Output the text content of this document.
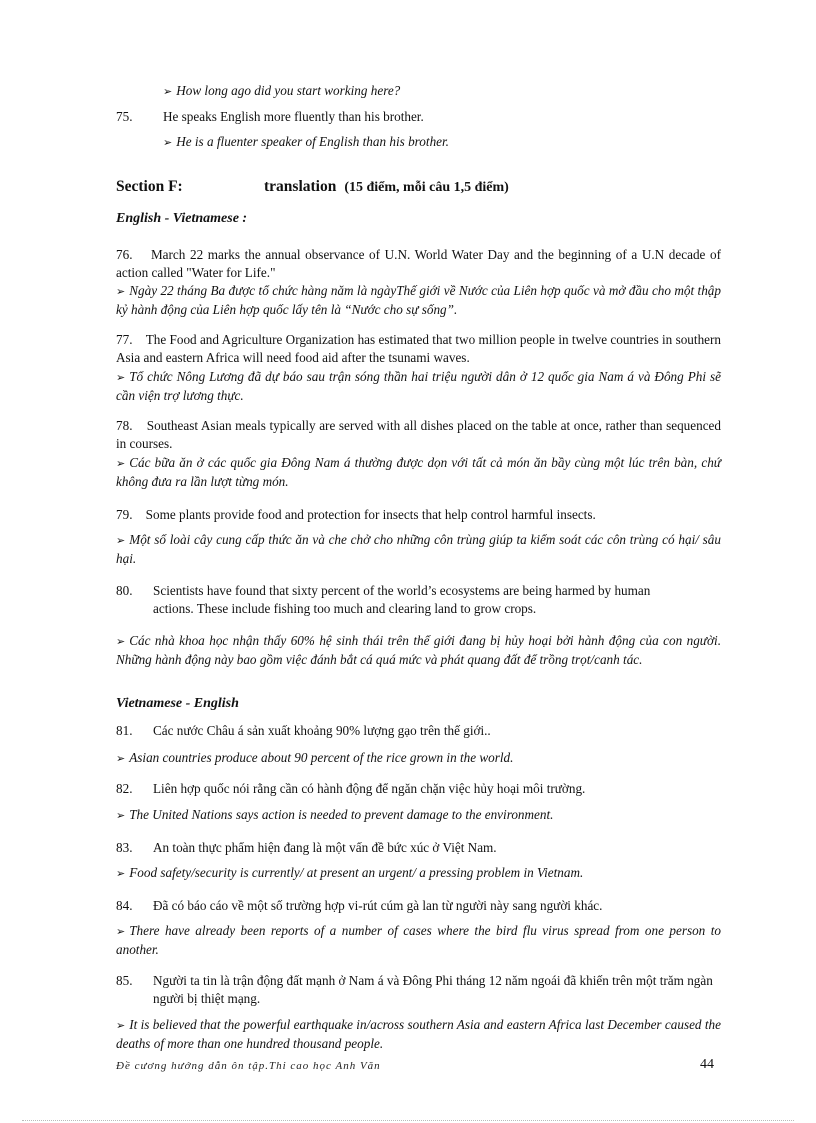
➢ How long ago did you start working here?
75. He speaks English more fluently than his brother.
➢ He is a fluenter speaker of English than his brother.
Section F:	translation (15 điểm, mỗi câu 1,5 điểm)
English - Vietnamese :
76. March 22 marks the annual observance of U.N. World Water Day and the beginning of a U.N decade of action called "Water for Life."
➢ Ngày 22 tháng Ba được tổ chức hàng năm là ngàyThế giới về Nước của Liên hợp quốc và mở đầu cho một thập kỷ hành động của Liên hợp quốc lấy tên là “Nước cho sự sống”.
77. The Food and Agriculture Organization has estimated that two million people in twelve countries in southern Asia and eastern Africa will need food aid after the tsunami waves.
➢ Tổ chức Nông Lương đã dự báo sau trận sóng thần hai triệu người dân ở 12 quốc gia Nam á và Đông Phi sẽ cần viện trợ lương thực.
78. Southeast Asian meals typically are served with all dishes placed on the table at once, rather than sequenced in courses.
➢ Các bữa ăn ở các quốc gia Đông Nam á thường được dọn với tất cả món ăn bầy cùng một lúc trên bàn, chứ không đưa ra lần lượt từng món.
79. Some plants provide food and protection for insects that help control harmful insects.
➢ Một số loài cây cung cấp thức ăn và che chở cho những côn trùng giúp ta kiểm soát các côn trùng có hại/ sâu hại.
80. Scientists have found that sixty percent of the world’s ecosystems are being harmed by human actions. These include fishing too much and clearing land to grow crops.
➢ Các nhà khoa học nhận thấy 60% hệ sinh thái trên thế giới đang bị hủy hoại bởi hành động của con người. Những hành động này bao gồm việc đánh bắt cá quá mức và phát quang đất để trồng trọt/canh tác.
Vietnamese - English
81. Các nước Châu á sản xuất khoảng 90% lượng gạo trên thế giới..
➢ Asian countries produce about 90 percent of the rice grown in the world.
82. Liên hợp quốc nói rằng cần có hành động để ngăn chặn việc hủy hoại môi trường.
➢ The United Nations says action is needed to prevent damage to the environment.
83. An toàn thực phẩm hiện đang là một vấn đề bức xúc ở Việt Nam.
➢ Food safety/security is currently/ at present an urgent/ a pressing problem in Vietnam.
84. Đã có báo cáo về một số trường hợp vi-rút cúm gà lan từ người này sang người khác.
➢ There have already been reports of a number of cases where the bird flu virus spread from one person to another.
85. Người ta tin là trận động đất mạnh ở Nam á và Đông Phi tháng 12 năm ngoái đã khiến trên một trăm ngàn người bị thiệt mạng.
➢ It is believed that the powerful earthquake in/across southern Asia and eastern Africa last December caused the deaths of more than one hundred thousand people.
Đề cương hướng dẫn ôn tập.Thi cao học Anh Văn	44
